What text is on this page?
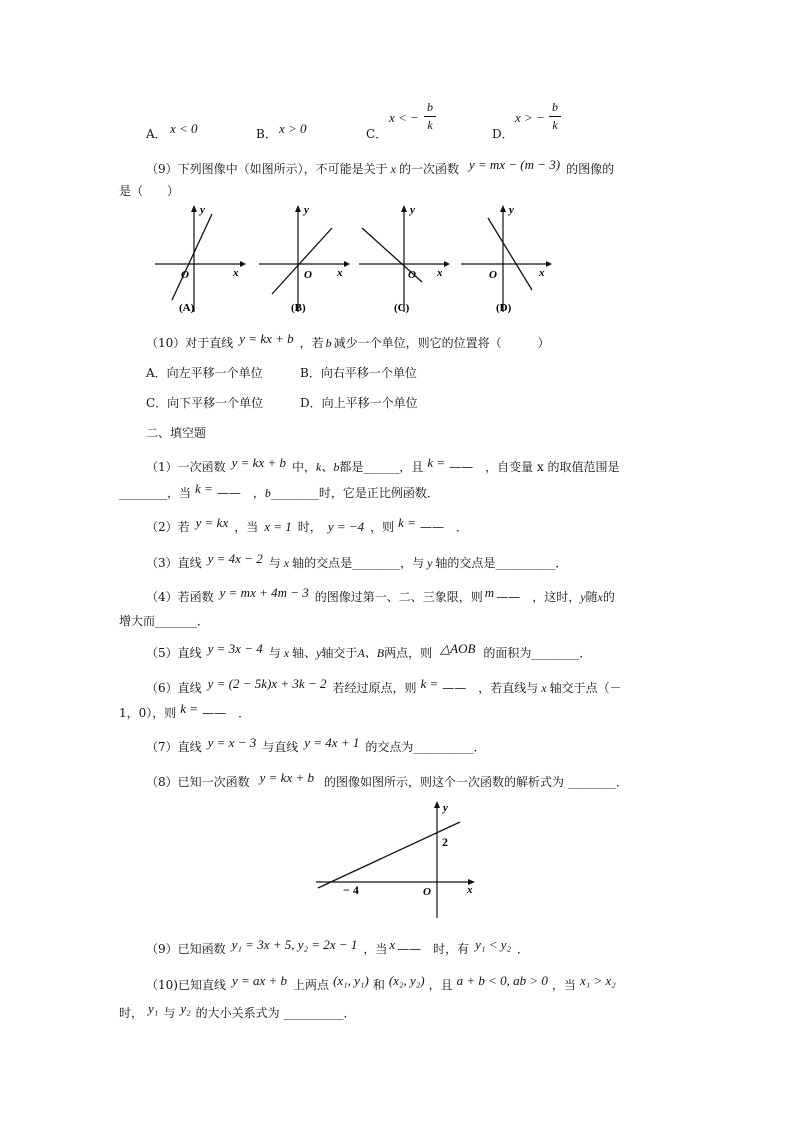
A． x < 0	B． x > 0	C．
x < −
b
k
D．
x > −
b
k
（9）下列图像中（如图所示），不可能是关于 x 的一次函数 y = mx − (m − 3) 的图像的
是（　　）
y
x
O
(A)
y
x
O
(B)
y
x
O
(C)
y
x
O
(D)
（10）对于直线 y = kx + b ，若 b 减少一个单位，则它的位置将（　　　）
A．向左平移一个单位	B．向右平移一个单位
C．向下平移一个单位	D．向上平移一个单位
二、填空题
（1）一次函数 y = kx + b 中，k、b都是______，且 k = ——　，自变量 x 的取值范围是
________，当 k = ——　，b________时，它是正比例函数．
（2）若 y = kx ，当 x = 1 时， y = −4 ，则 k = ——　．
（3）直线 y = 4x − 2 与 x 轴的交点是________，与 y 轴的交点是__________．
（4）若函数 y = mx + 4m − 3 的图像过第一、二、三象限，则 m ——　，这时，y随x的
增大而_______．
（5）直线 y = 3x − 4 与 x 轴、y轴交于A、B两点，则 △AOB 的面积为________．
（6）直线 y = (2 − 5k)x + 3k − 2 若经过原点，则 k = ——　，若直线与 x 轴交于点（－
1，0），则 k = ——　．
（7）直线 y = x − 3 与直线 y = 4x + 1 的交点为__________．
（8）已知一次函数 y = kx + b 的图像如图所示，则这个一次函数的解析式为 ________．
y
x
O
2
− 4
（9）已知函数 y₁ = 3x + 5, y₂ = 2x − 1 ，当 x ——　时，有 y₁ < y₂ ．
（10)已知直线 y = ax + b 上两点 (x₁, y₁) 和 (x₂, y₂) ，且 a + b < 0, ab > 0 ，当 x₁ > x₂
时， y₁ 与 y₂ 的大小关系式为 __________．
